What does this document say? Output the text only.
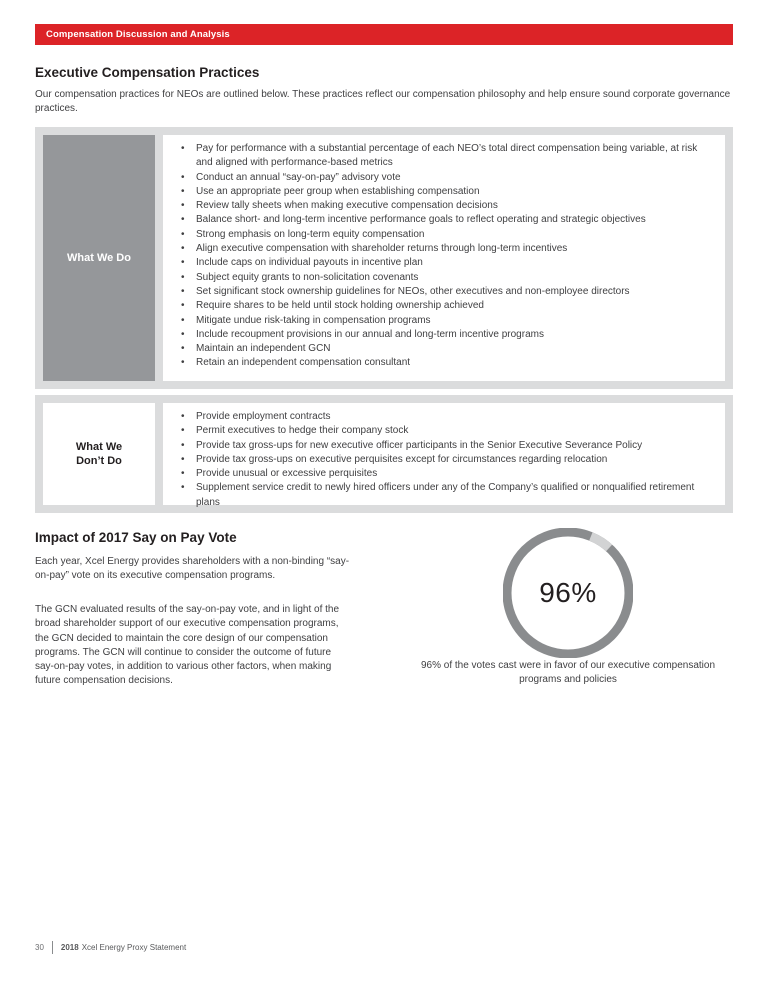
Compensation Discussion and Analysis
Executive Compensation Practices
Our compensation practices for NEOs are outlined below. These practices reflect our compensation philosophy and help ensure sound corporate governance practices.
What We Do
• Pay for performance with a substantial percentage of each NEO’s total direct compensation being variable, at risk and aligned with performance-based metrics
• Conduct an annual “say-on-pay” advisory vote
• Use an appropriate peer group when establishing compensation
• Review tally sheets when making executive compensation decisions
• Balance short- and long-term incentive performance goals to reflect operating and strategic objectives
• Strong emphasis on long-term equity compensation
• Align executive compensation with shareholder returns through long-term incentives
• Include caps on individual payouts in incentive plan
• Subject equity grants to non-solicitation covenants
• Set significant stock ownership guidelines for NEOs, other executives and non-employee directors
• Require shares to be held until stock holding ownership achieved
• Mitigate undue risk-taking in compensation programs
• Include recoupment provisions in our annual and long-term incentive programs
• Maintain an independent GCN
• Retain an independent compensation consultant
What We
Don’t Do
• Provide employment contracts
• Permit executives to hedge their company stock
• Provide tax gross-ups for new executive officer participants in the Senior Executive Severance Policy
• Provide tax gross-ups on executive perquisites except for circumstances regarding relocation
• Provide unusual or excessive perquisites
• Supplement service credit to newly hired officers under any of the Company’s qualified or nonqualified retirement plans
Impact of 2017 Say on Pay Vote
Each year, Xcel Energy provides shareholders with a non-binding “say-on-pay” vote on its executive compensation programs.
The GCN evaluated results of the say-on-pay vote, and in light of the broad shareholder support of our executive compensation programs, the GCN decided to maintain the core design of our compensation programs. The GCN will continue to consider the outcome of future say-on-pay votes, in addition to various other factors, when making future compensation decisions.
96%
96% of the votes cast were in favor of our executive compensation programs and policies
30 2018 Xcel Energy Proxy Statement
